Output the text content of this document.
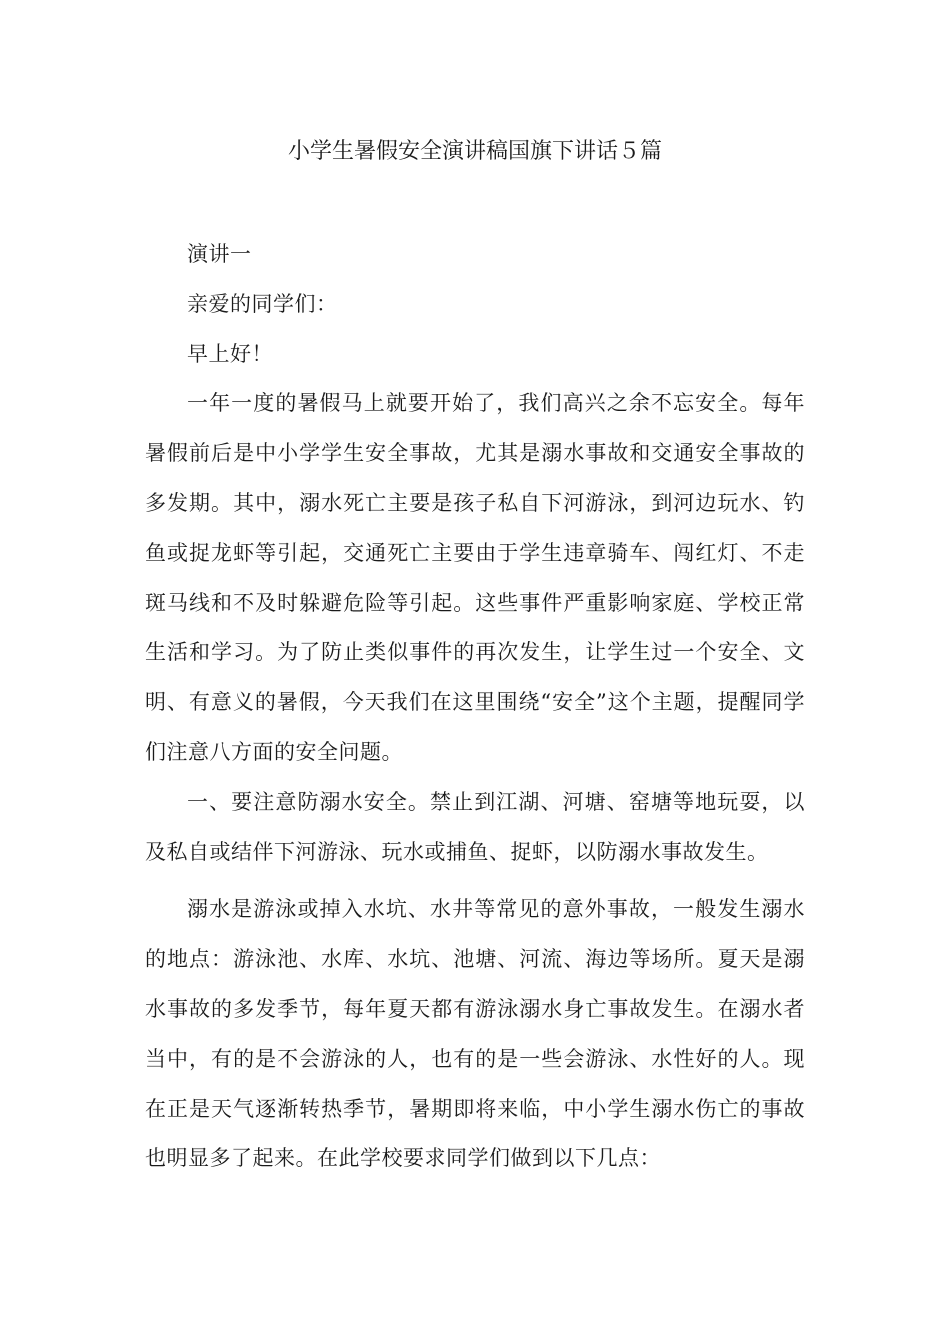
小学生暑假安全演讲稿国旗下讲话５篇

演讲一

亲爱的同学们：

早上好！

一年一度的暑假马上就要开始了，我们高兴之余不忘安全。每年暑假前后是中小学学生安全事故，尤其是溺水事故和交通安全事故的多发期。其中，溺水死亡主要是孩子私自下河游泳，到河边玩水、钓鱼或捉龙虾等引起，交通死亡主要由于学生违章骑车、闯红灯、不走斑马线和不及时躲避危险等引起。这些事件严重影响家庭、学校正常生活和学习。为了防止类似事件的再次发生，让学生过一个安全、文明、有意义的暑假，今天我们在这里围绕“安全”这个主题，提醒同学们注意八方面的安全问题。

一、要注意防溺水安全。禁止到江湖、河塘、窑塘等地玩耍，以及私自或结伴下河游泳、玩水或捕鱼、捉虾，以防溺水事故发生。

溺水是游泳或掉入水坑、水井等常见的意外事故，一般发生溺水的地点：游泳池、水库、水坑、池塘、河流、海边等场所。夏天是溺水事故的多发季节，每年夏天都有游泳溺水身亡事故发生。在溺水者当中，有的是不会游泳的人，也有的是一些会游泳、水性好的人。现在正是天气逐渐转热季节，暑期即将来临，中小学生溺水伤亡的事故也明显多了起来。在此学校要求同学们做到以下几点：
